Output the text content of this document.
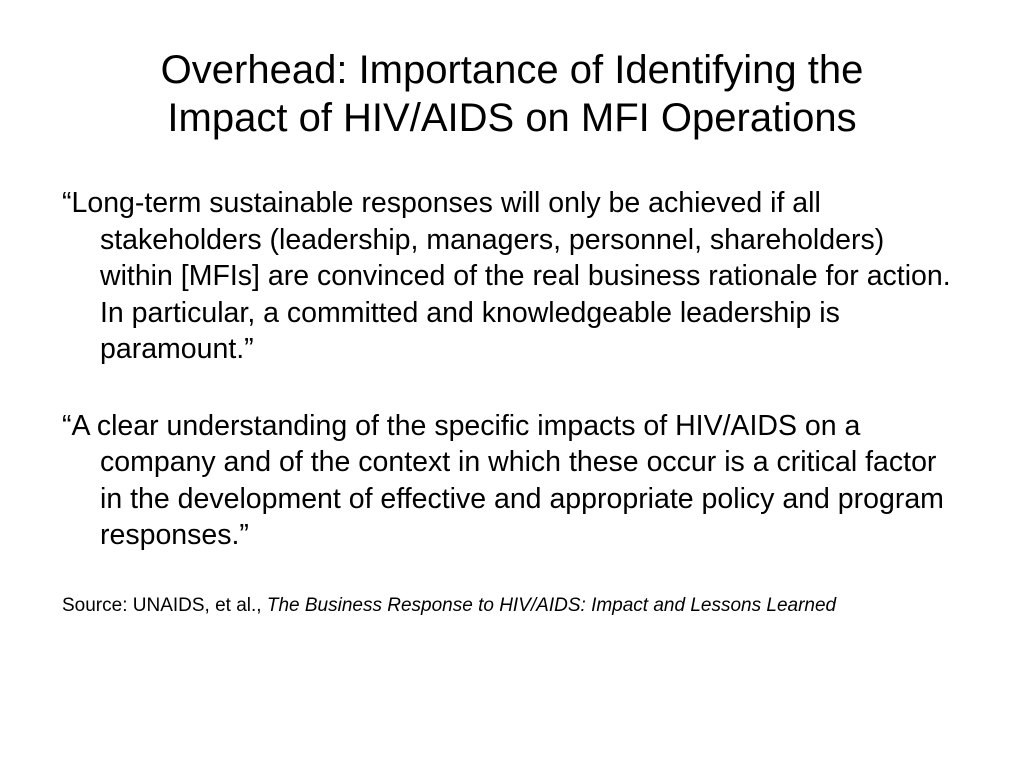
Overhead: Importance of Identifying the
Impact of HIV/AIDS on MFI Operations

“Long-term sustainable responses will only be achieved if all stakeholders (leadership, managers, personnel, shareholders) within [MFIs] are convinced of the real business rationale for action. In particular, a committed and knowledgeable leadership is paramount.”

“A clear understanding of the specific impacts of HIV/AIDS on a company and of the context in which these occur is a critical factor in the development of effective and appropriate policy and program responses.”

Source: UNAIDS, et al., The Business Response to HIV/AIDS: Impact and Lessons Learned
